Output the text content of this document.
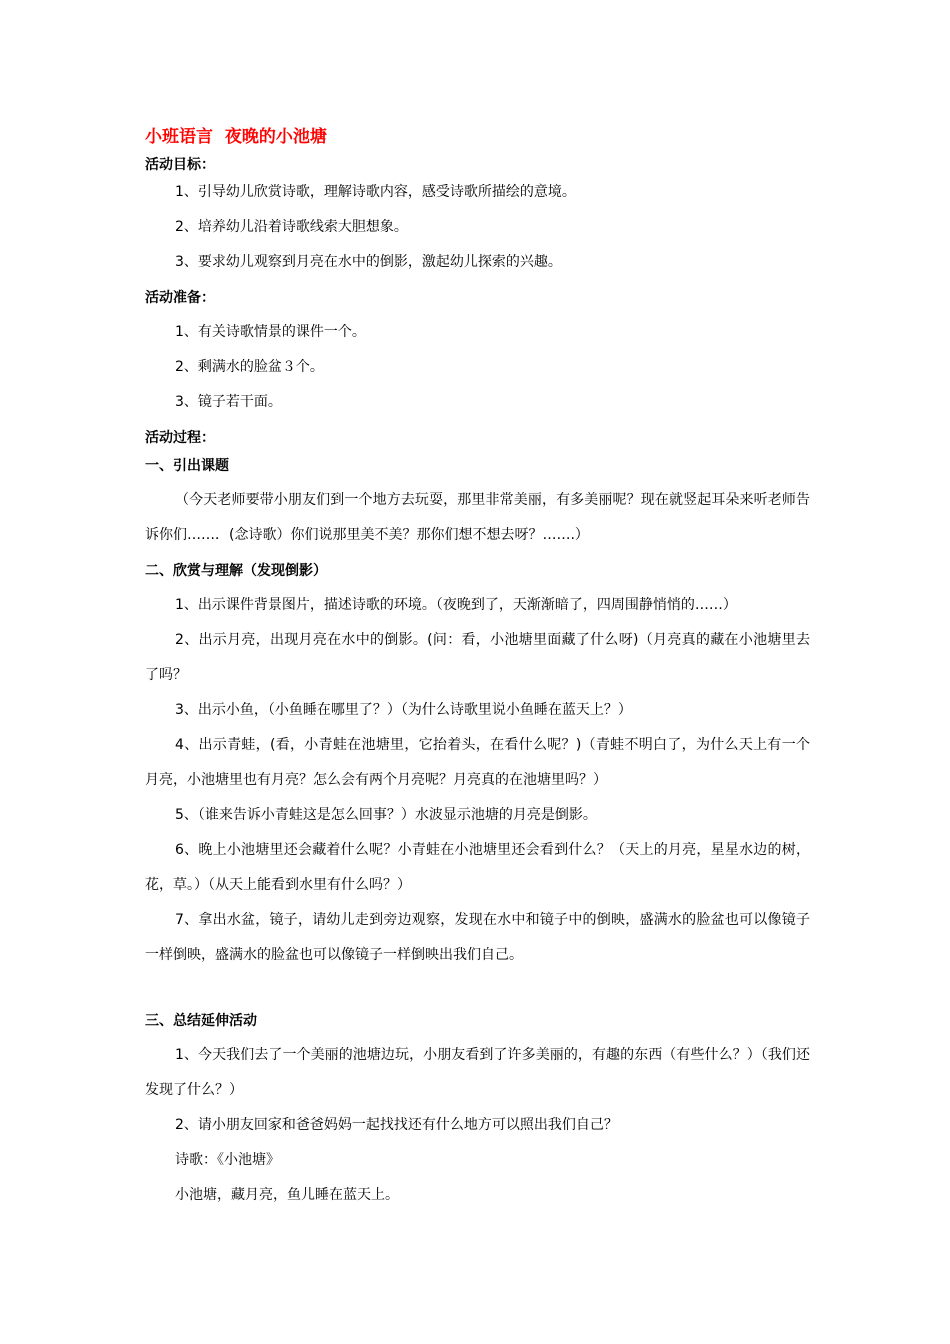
小班语言  夜晚的小池塘
活动目标：

1、引导幼儿欣赏诗歌，理解诗歌内容，感受诗歌所描绘的意境。

2、培养幼儿沿着诗歌线索大胆想象。

3、要求幼儿观察到月亮在水中的倒影，激起幼儿探索的兴趣。

活动准备：

1、有关诗歌情景的课件一个。

2、剩满水的脸盆３个。

3、镜子若干面。

活动过程：
一、引出课题

（今天老师要带小朋友们到一个地方去玩耍，那里非常美丽，有多美丽呢？现在就竖起耳朵来听老师告诉你们……．(念诗歌）你们说那里美不美？那你们想不想去呀？…….）

二、欣赏与理解（发现倒影）

1、出示课件背景图片，描述诗歌的环境。（夜晚到了，天渐渐暗了，四周围静悄悄的……）

2、出示月亮，出现月亮在水中的倒影。(问：看，小池塘里面藏了什么呀)（月亮真的藏在小池塘里去了吗？

3、出示小鱼，（小鱼睡在哪里了？）（为什么诗歌里说小鱼睡在蓝天上？）

4、出示青蛙，(看，小青蛙在池塘里，它抬着头，在看什么呢？)（青蛙不明白了，为什么天上有一个月亮，小池塘里也有月亮？怎么会有两个月亮呢？月亮真的在池塘里吗？）

5、（谁来告诉小青蛙这是怎么回事？）水波显示池塘的月亮是倒影。

6、晚上小池塘里还会藏着什么呢？小青蛙在小池塘里还会看到什么？（天上的月亮，星星水边的树，花，草。）（从天上能看到水里有什么吗？）

7、拿出水盆，镜子，请幼儿走到旁边观察，发现在水中和镜子中的倒映，盛满水的脸盆也可以像镜子一样倒映，盛满水的脸盆也可以像镜子一样倒映出我们自己。

三、总结延伸活动

1、今天我们去了一个美丽的池塘边玩，小朋友看到了许多美丽的，有趣的东西（有些什么？）（我们还发现了什么？）

2、请小朋友回家和爸爸妈妈一起找找还有什么地方可以照出我们自己？

诗歌：《小池塘》

小池塘，藏月亮，鱼儿睡在蓝天上。
